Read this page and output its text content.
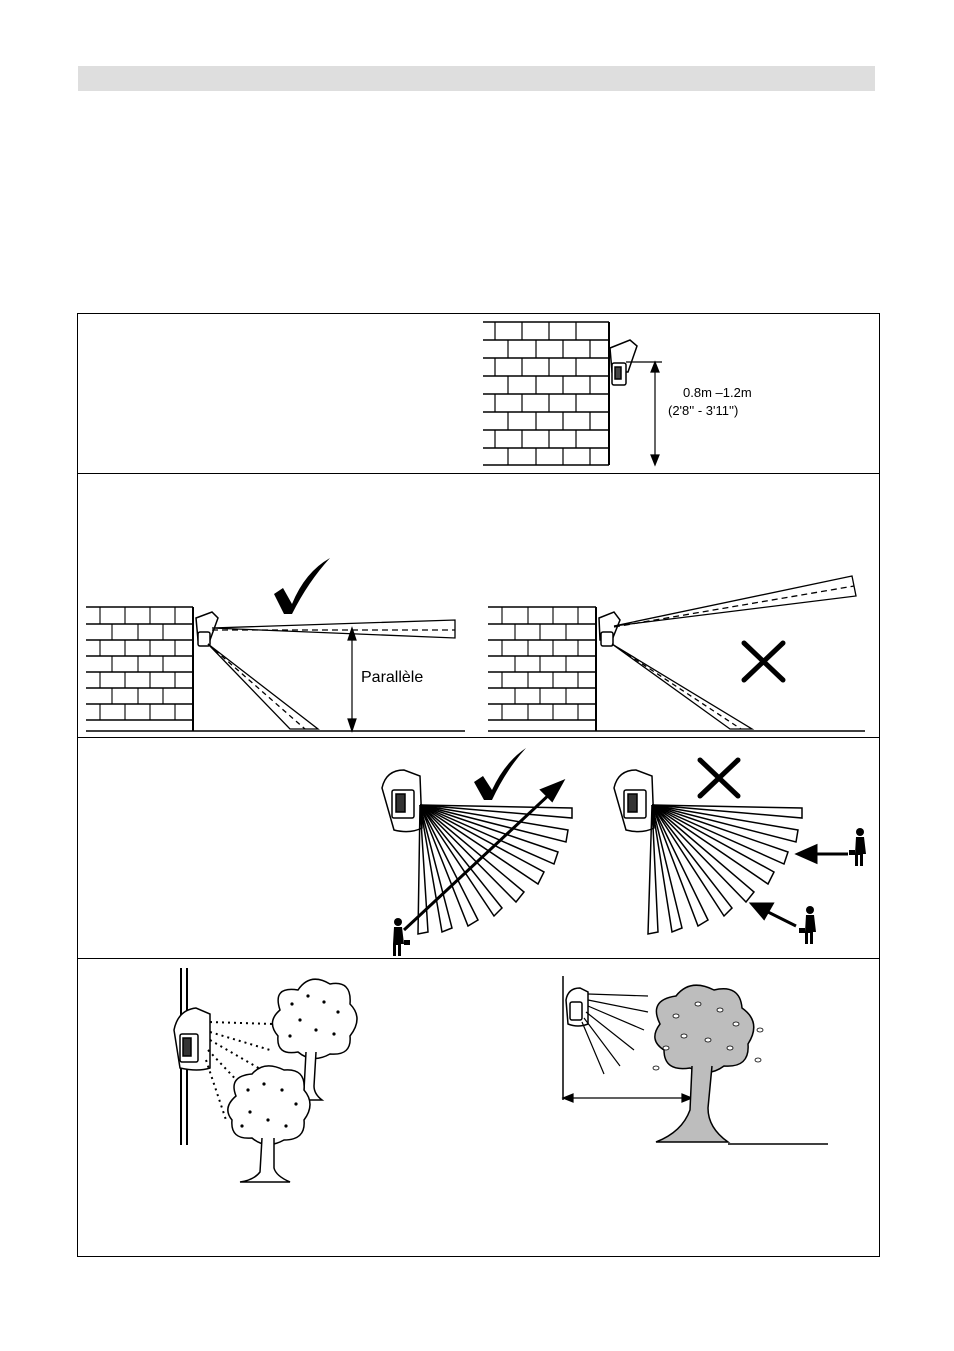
0.8m –1.2m
(2'8'' - 3'11'')
Parallèle
